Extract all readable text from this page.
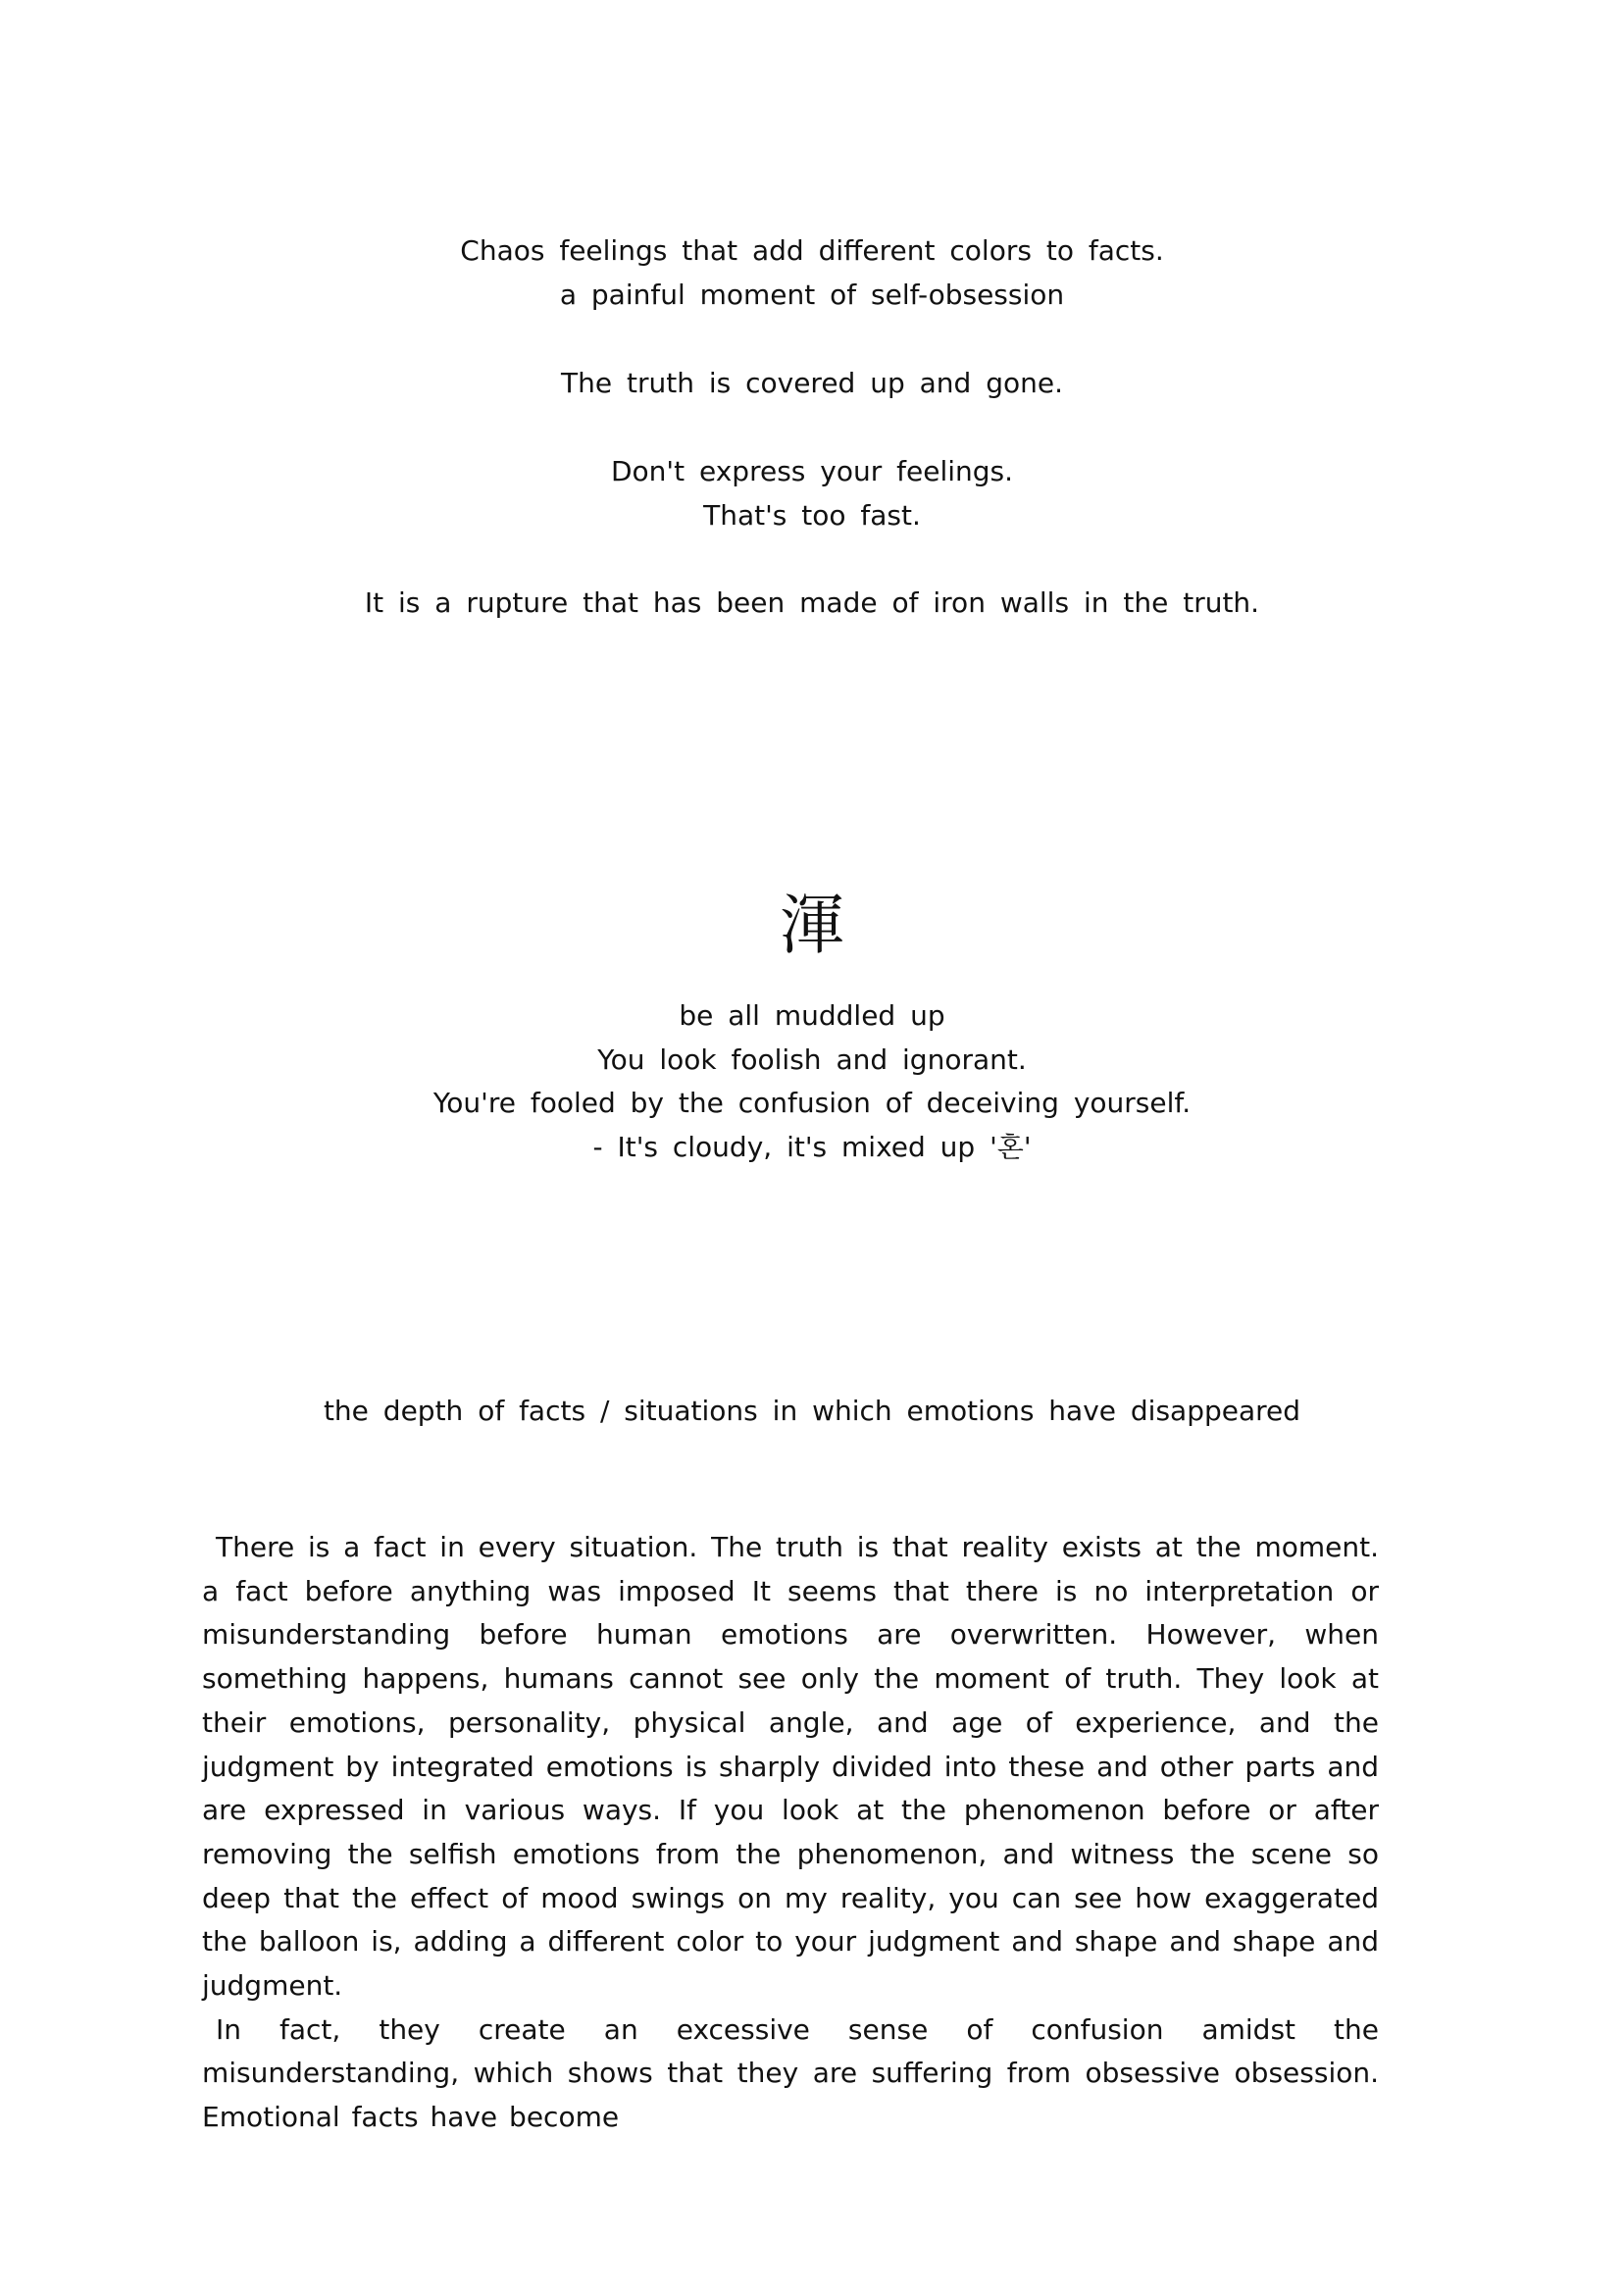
Chaos feelings that add different colors to facts.
a painful moment of self-obsession
The truth is covered up and gone.
Don't express your feelings.
That's too fast.
It is a rupture that has been made of iron walls in the truth.
渾
be all muddled up
You look foolish and ignorant.
You're fooled by the confusion of deceiving yourself.
- It's cloudy, it's mixed up '혼'
the depth of facts / situations in which emotions have disappeared

There is a fact in every situation. The truth is that reality exists at the moment. a fact before anything was imposed It seems that there is no interpretation or misunderstanding before human emotions are overwritten. However, when something happens, humans cannot see only the moment of truth. They look at their emotions, personality, physical angle, and age of experience, and the judgment by integrated emotions is sharply divided into these and other parts and are expressed in various ways. If you look at the phenomenon before or after removing the selfish emotions from the phenomenon, and witness the scene so deep that the effect of mood swings on my reality, you can see how exaggerated the balloon is, adding a different color to your judgment and shape and shape and judgment.

In fact, they create an excessive sense of confusion amidst the misunderstanding, which shows that they are suffering from obsessive obsession. Emotional facts have become
